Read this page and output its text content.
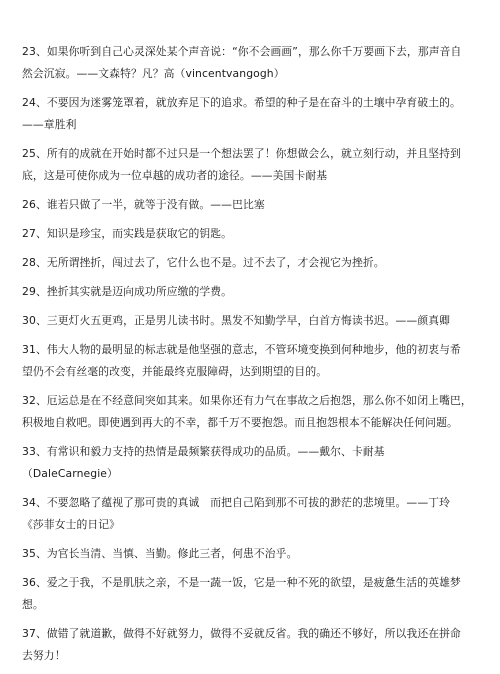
23、如果你听到自己心灵深处某个声音说：“你不会画画”，那么你千万要画下去，那声音自
然会沉寂。——文森特？凡？高（vincentvangogh）
24、不要因为迷雾笼罩着，就放弃足下的追求。希望的种子是在奋斗的土壤中孕育破土的。
——章胜利
25、所有的成就在开始时都不过只是一个想法罢了！你想做会么，就立刻行动，并且坚持到
底，这是可使你成为一位卓越的成功者的途径。——美国卡耐基
26、谁若只做了一半，就等于没有做。——巴比塞
27、知识是珍宝，而实践是获取它的钥匙。
28、无所谓挫折，闯过去了，它什么也不是。过不去了，才会视它为挫折。
29、挫折其实就是迈向成功所应缴的学费。
30、三更灯火五更鸡，正是男儿读书时。黑发不知勤学早，白首方悔读书迟。——颜真卿
31、伟大人物的最明显的标志就是他坚强的意志，不管环境变换到何种地步，他的初衷与希
望仍不会有丝毫的改变，并能最终克服障碍，达到期望的目的。
32、厄运总是在不经意间突如其来。如果你还有力气在事故之后抱怨，那么你不如闭上嘴巴，
积极地自救吧。即使遇到再大的不幸，都千万不要抱怨。而且抱怨根本不能解决任何问题。
33、有常识和毅力支持的热情是最频繁获得成功的品质。——戴尔、卡耐基
（DaleCarnegie）
34、不要忽略了蕴视了那可贵的真诚　而把自己陷到那不可拔的渺茫的悲境里。——丁玲
《莎菲女士的日记》
35、为官长当清、当慎、当勤。修此三者，何患不治乎。
36、爱之于我，不是肌肤之亲，不是一蔬一饭，它是一种不死的欲望，是疲惫生活的英雄梦
想。
37、做错了就道歉，做得不好就努力，做得不妥就反省。我的确还不够好，所以我还在拼命
去努力！
